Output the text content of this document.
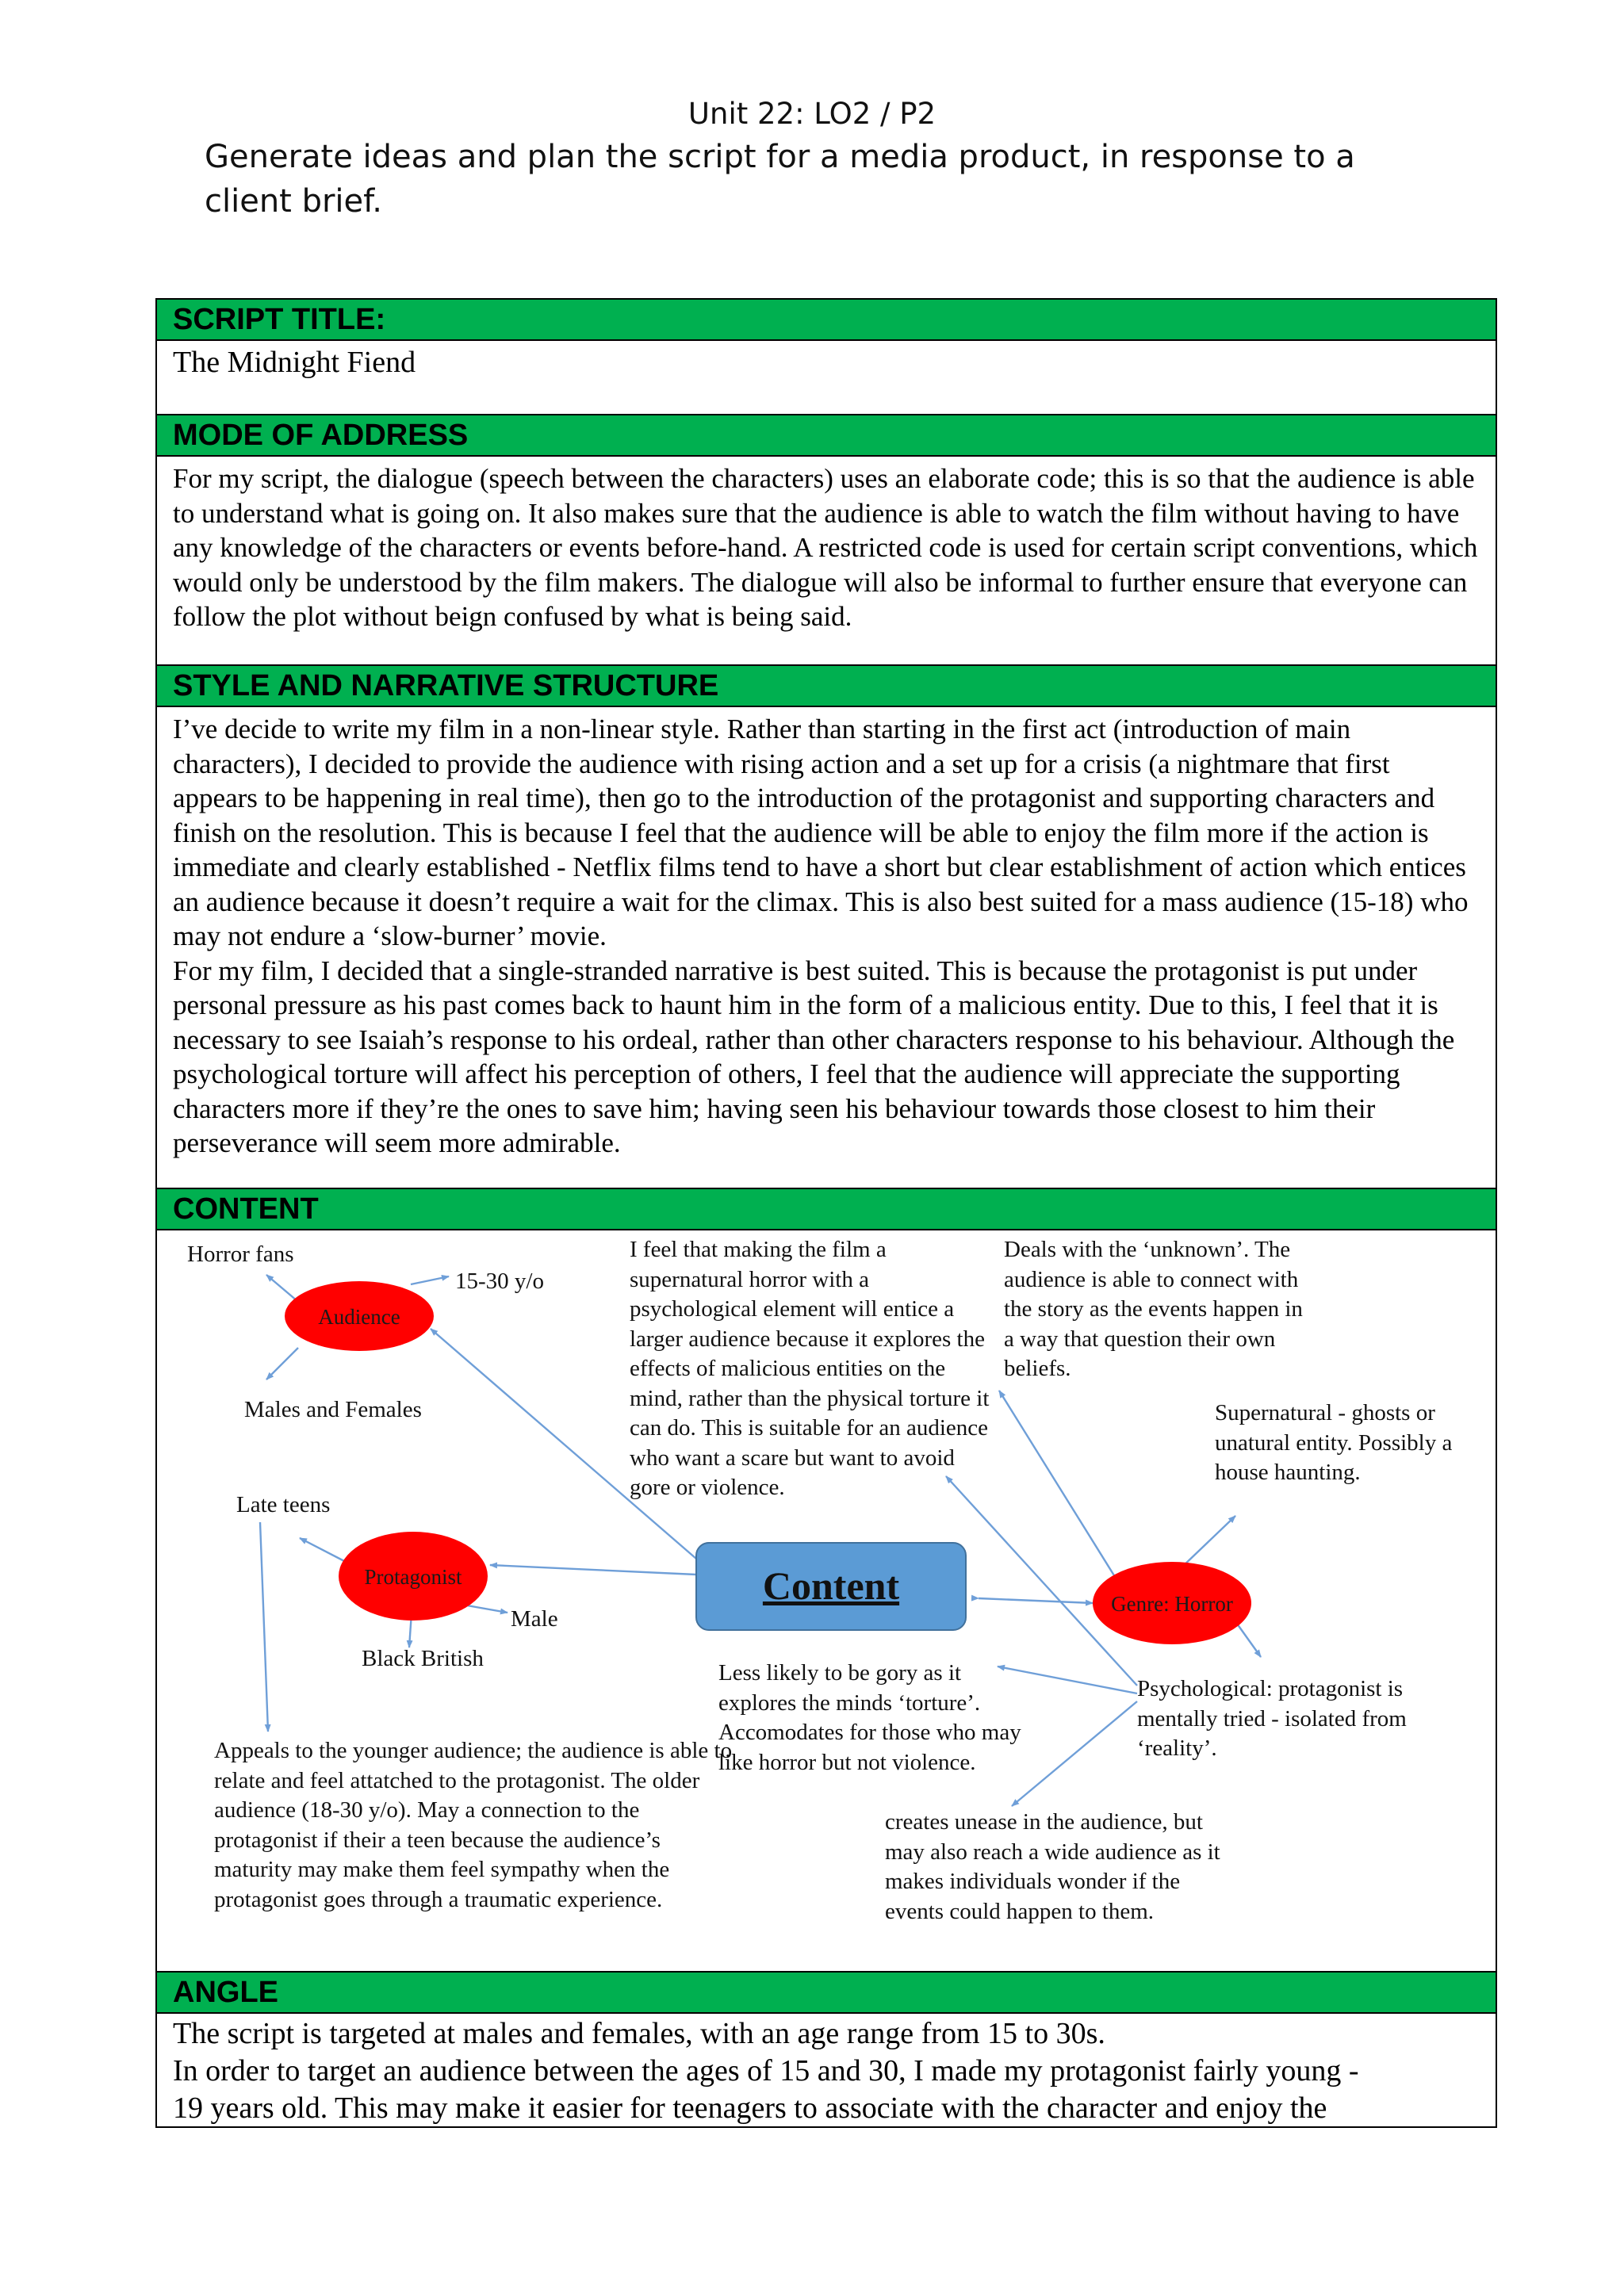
Unit 22: LO2 / P2
Generate ideas and plan the script for a media product, in response to a client brief.
SCRIPT TITLE:
The Midnight Fiend
MODE OF ADDRESS

For my script, the dialogue (speech between the characters) uses an elaborate code; this is so that the audience is able to understand what is going on. It also makes sure that the audience is able to watch the film without having to have any knowledge of the characters or events before-hand. A restricted code is used for certain script conventions, which would only be understood by the film makers. The dialogue will also be informal to further ensure that everyone can follow the plot without beign confused by what is being said.

STYLE AND NARRATIVE STRUCTURE

I’ve decide to write my film in a non-linear style. Rather than starting in the first act (introduction of main characters), I decided to provide the audience with rising action and a set up for a crisis (a nightmare that first appears to be happening in real time), then go to the introduction of the protagonist and supporting characters and finish on the resolution. This is because I feel that the audience will be able to enjoy the film more if the action is immediate and clearly established - Netflix films tend to have a short but clear establishment of action which entices an audience because it doesn’t require a wait for the climax. This is also best suited for a mass audience (15-18) who may not endure a ‘slow-burner’ movie.

For my film, I decided that a single-stranded narrative is best suited. This is because the protagonist is put under personal pressure as his past comes back to haunt him in the form of a malicious entity. Due to this, I feel that it is necessary to see Isaiah’s response to his ordeal, rather than other characters response to his behaviour. Although the psychological torture will affect his perception of others, I feel that the audience will appreciate the supporting characters more if they’re the ones to save him; having seen his behaviour towards those closest to him their perseverance will seem more admirable.

CONTENT
Audience
Protagonist
Genre: Horror
Content
Horror fans
15-30 y/o
Males and Females
Late teens
Male
Black British
I feel that making the film a supernatural horror with a psychological element will entice a larger audience because it explores the effects of malicious entities on the mind, rather than the physical torture it can do. This is suitable for an audience who want a scare but want to avoid gore or violence.
Deals with the ‘unknown’. The audience is able to connect with the story as the events happen in a way that question their own beliefs.
Supernatural - ghosts or unatural entity. Possibly a house haunting.
Less likely to be gory as it explores the minds ‘torture’. Accomodates for those who may like horror but not violence.
Psychological: protagonist is mentally tried - isolated from ‘reality’.
Appeals to the younger audience; the audience is able to relate and feel attatched to the protagonist. The older audience (18-30 y/o). May a connection to the protagonist if their a teen because the audience’s maturity may make them feel sympathy when the protagonist goes through a traumatic experience.
creates unease in the audience, but may also reach a wide audience as it makes individuals wonder if the events could happen to them.
ANGLE
The script is targeted at males and females, with an age range from 15 to 30s.
In order to target an audience between the ages of 15 and 30, I made my protagonist fairly young -
19 years old. This may make it easier for teenagers to associate with the character and enjoy the
